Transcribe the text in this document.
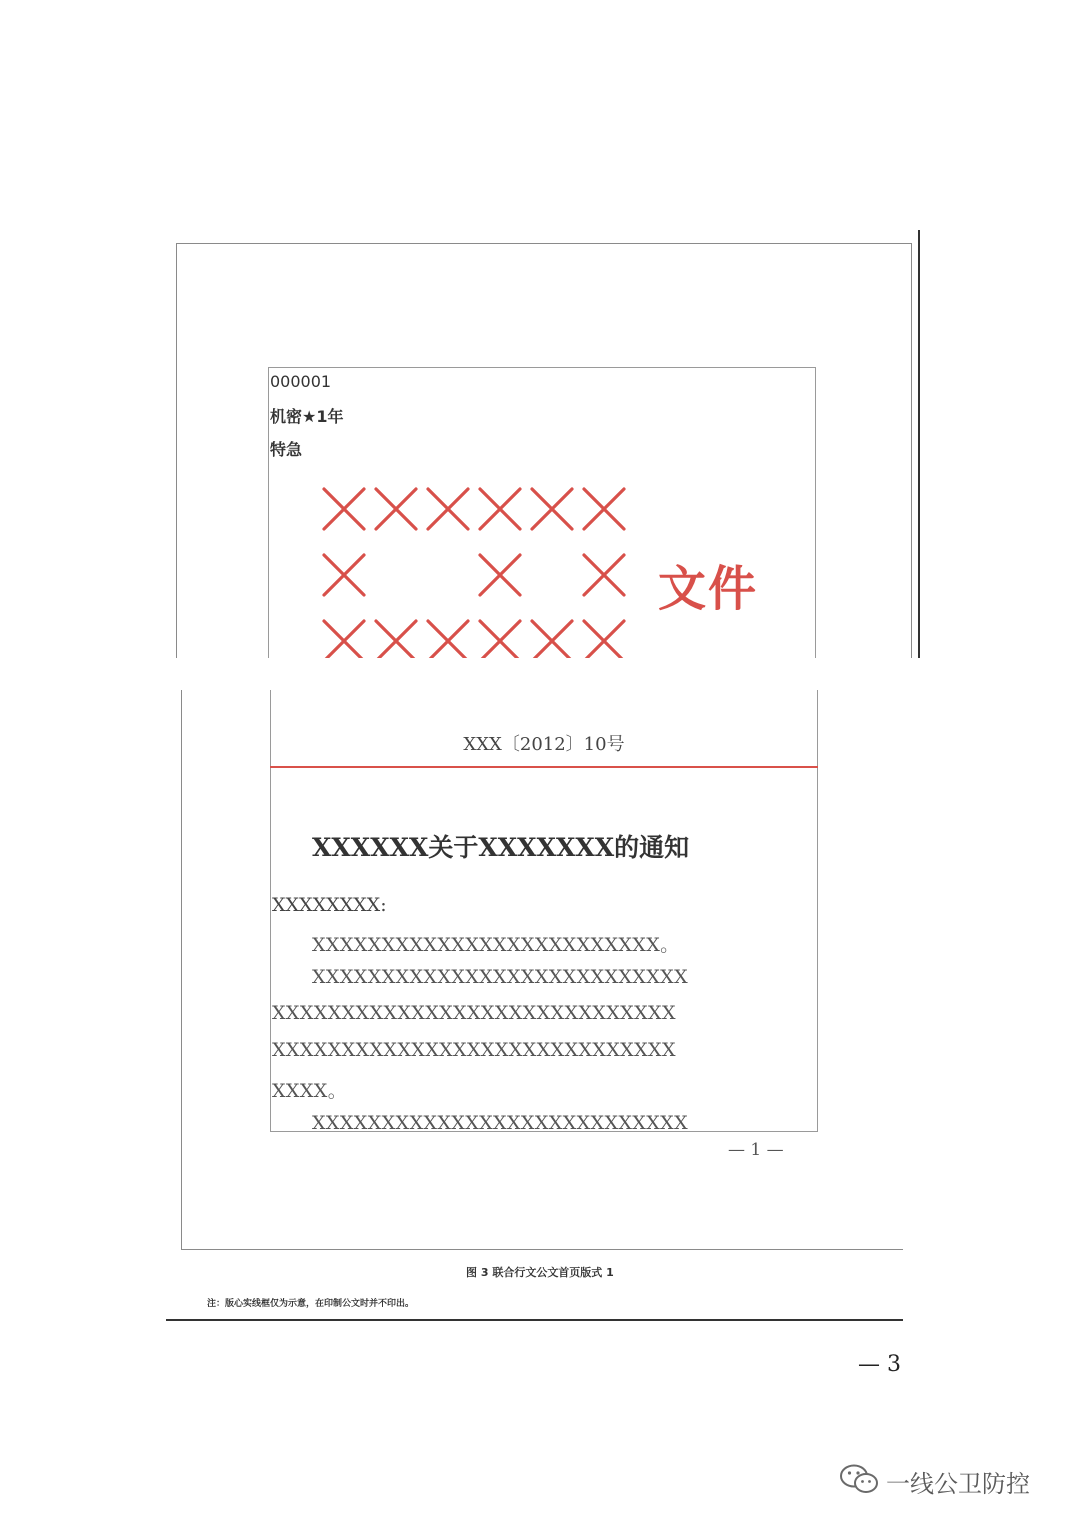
000001
机密★1年
特急
文件
XXX〔2012〕10号
XXXXXX关于XXXXXXX的通知
XXXXXXXX:
XXXXXXXXXXXXXXXXXXXXXXXXX。
XXXXXXXXXXXXXXXXXXXXXXXXXXX
XXXXXXXXXXXXXXXXXXXXXXXXXXXXX
XXXXXXXXXXXXXXXXXXXXXXXXXXXXX
XXXX。
XXXXXXXXXXXXXXXXXXXXXXXXXXX
— 1 —
图 3 联合行文公文首页版式 1
注：版心实线框仅为示意，在印制公文时并不印出。
— 3
一线公卫防控
